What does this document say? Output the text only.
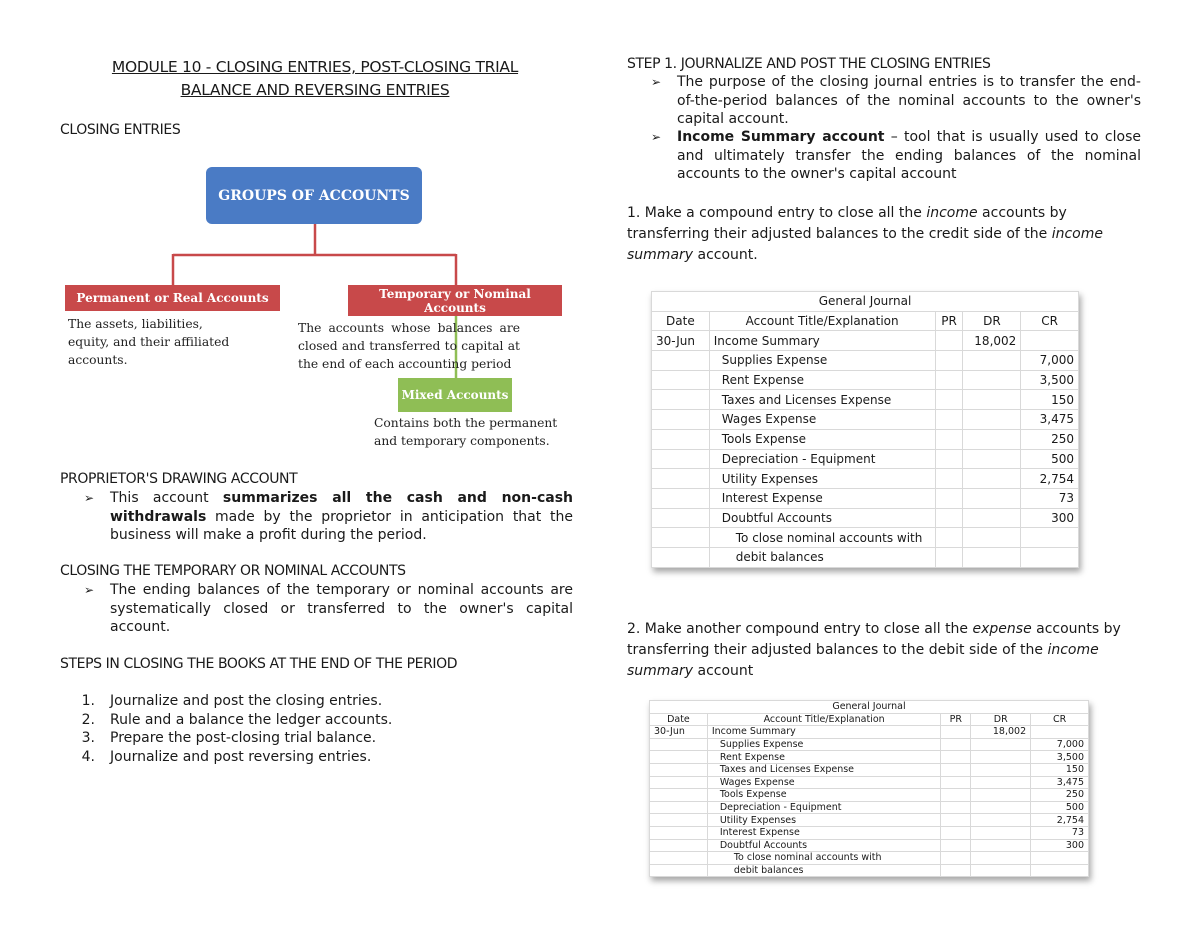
MODULE 10 - CLOSING ENTRIES, POST-CLOSING TRIAL
BALANCE AND REVERSING ENTRIES
CLOSING ENTRIES
GROUPS OF ACCOUNTS
Permanent or Real Accounts
The assets, liabilities, equity, and their affiliated accounts.
Temporary or Nominal Accounts
The accounts whose balances are closed and transferred to capital at the end of each accounting period
Mixed Accounts
Contains both the permanent and temporary components.
PROPRIETOR'S DRAWING ACCOUNT
➢	This account summarizes all the cash and non-cash withdrawals made by the proprietor in anticipation that the business will make a profit during the period.
CLOSING THE TEMPORARY OR NOMINAL ACCOUNTS
➢	The ending balances of the temporary or nominal accounts are systematically closed or transferred to the owner's capital account.
STEPS IN CLOSING THE BOOKS AT THE END OF THE PERIOD
1.	Journalize and post the closing entries.
2.	Rule and a balance the ledger accounts.
3.	Prepare the post-closing trial balance.
4.	Journalize and post reversing entries.
STEP 1. JOURNALIZE AND POST THE CLOSING ENTRIES
➢	The purpose of the closing journal entries is to transfer the end-of-the-period balances of the nominal accounts to the owner's capital account.
➢	Income Summary account – tool that is usually used to close and ultimately transfer the ending balances of the nominal accounts to the owner's capital account
1. Make a compound entry to close all the income accounts by transferring their adjusted balances to the credit side of the income summary account.
General Journal				
Date	Account Title/Explanation	PR	DR	CR
30-Jun	Income Summary		18,002	
	Supplies Expense			7,000
	Rent Expense			3,500
	Taxes and Licenses Expense			150
	Wages Expense			3,475
	Tools Expense			250
	Depreciation - Equipment			500
	Utility Expenses			2,754
	Interest Expense			73
	Doubtful Accounts			300
	To close nominal accounts with			
	debit balances			
2. Make another compound entry to close all the expense accounts by transferring their adjusted balances to the debit side of the income summary account
General Journal				
Date	Account Title/Explanation	PR	DR	CR
30-Jun	Income Summary		18,002	
	Supplies Expense			7,000
	Rent Expense			3,500
	Taxes and Licenses Expense			150
	Wages Expense			3,475
	Tools Expense			250
	Depreciation - Equipment			500
	Utility Expenses			2,754
	Interest Expense			73
	Doubtful Accounts			300
	To close nominal accounts with			
	debit balances			
